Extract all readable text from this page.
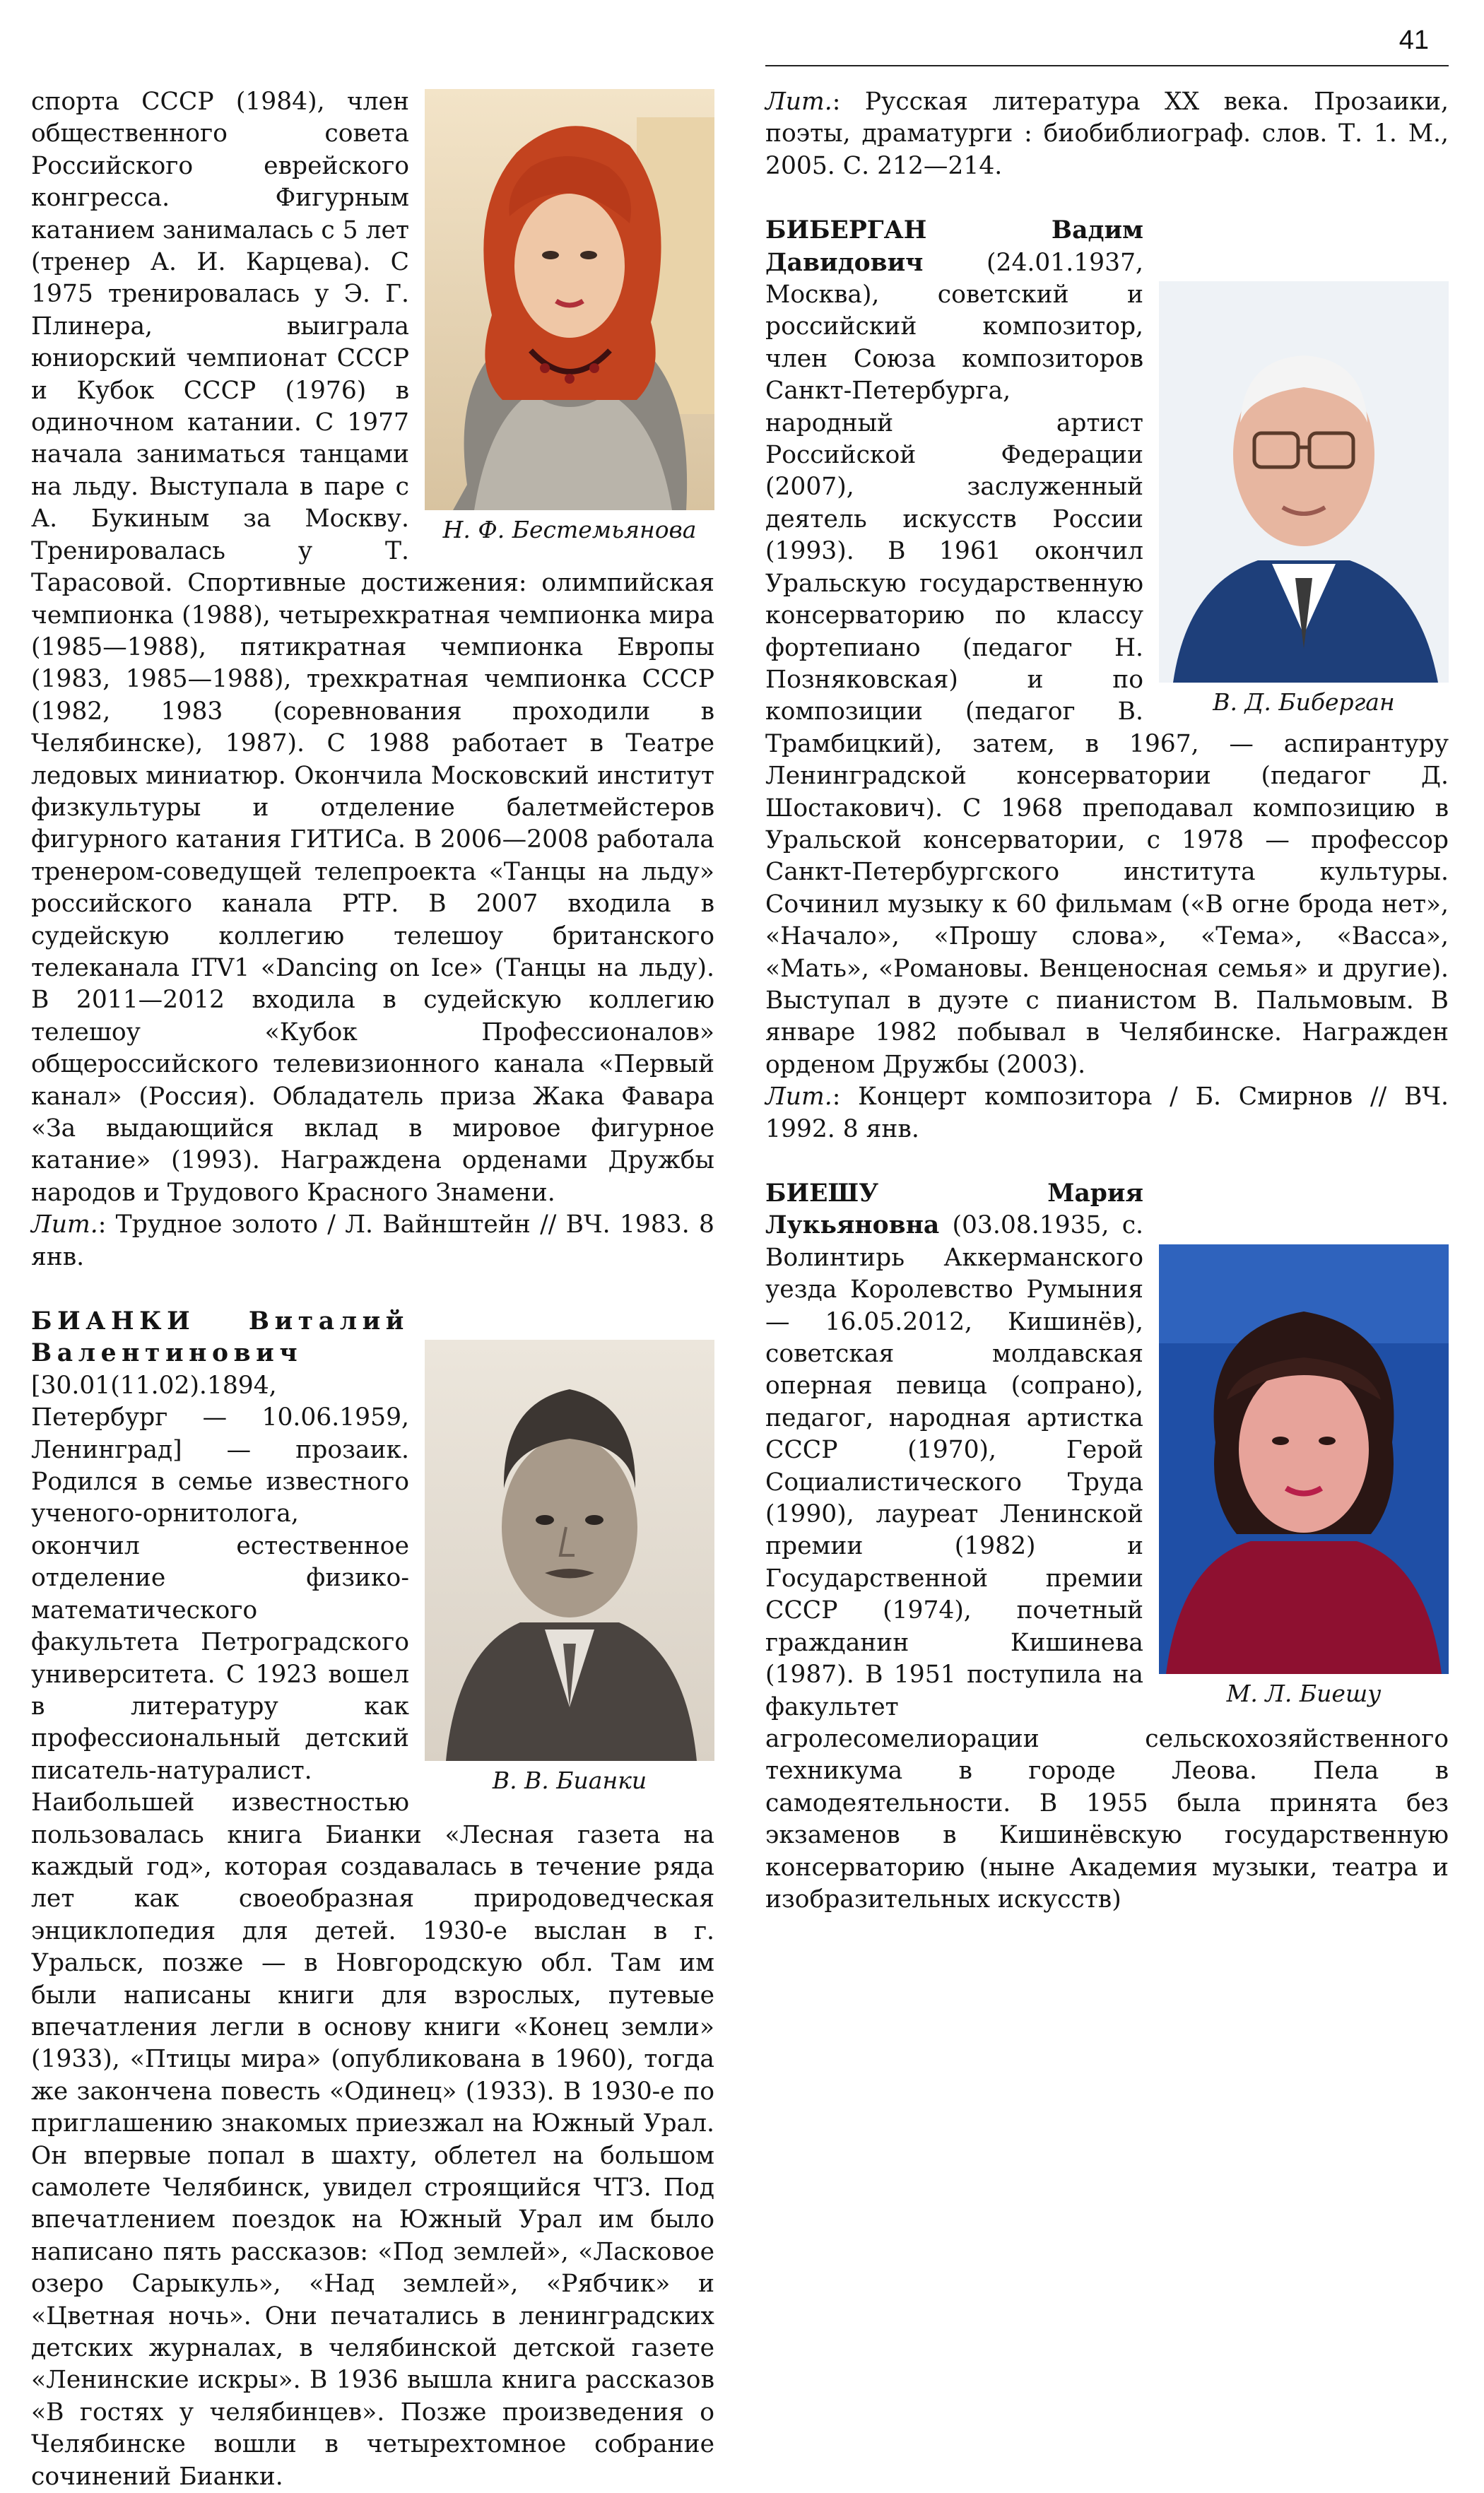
41
Н. Ф. Бестемьянова

спорта СССР (1984), член общественного совета Российского еврейского конгресса. Фигурным катанием занималась с 5 лет (тренер А. И. Карцева). С 1975 тренировалась у Э. Г. Плинера, выиграла юниорский чемпионат СССР и Кубок СССР (1976) в одиночном катании. С 1977 начала заниматься танцами на льду. Выступала в паре с А. Букиным за Москву. Тренировалась у Т. Тарасовой. Спортивные достижения: олимпийская чемпионка (1988), четырехкратная чемпионка мира (1985—1988), пятикратная чемпионка Европы (1983, 1985—1988), трехкратная чемпионка СССР (1982, 1983 (соревнования проходили в Челябинске), 1987). С 1988 работает в Театре ледовых миниатюр. Окончила Московский институт физкультуры и отделение балетмейстеров фигурного катания ГИТИСа. В 2006—2008 работала тренером-соведущей телепроекта «Танцы на льду» российского канала РТР. В 2007 входила в судейскую коллегию телешоу британского телеканала ITV1 «Dancing on Ice» (Танцы на льду). В 2011—2012 входила в судейскую коллегию телешоу «Кубок Профессионалов» общероссийского телевизионного канала «Первый канал» (Россия). Обладатель приза Жака Фавара «За выдающийся вклад в мировое фигурное катание» (1993). Награждена орденами Дружбы народов и Трудового Красного Знамени.

Лит.: Трудное золото / Л. Вайнштейн // ВЧ. 1983. 8 янв.

В. В. Бианки

БИАНКИ Виталий Валентинович [30.01(11.02).1894, Петербург — 10.06.1959, Ленинград] — прозаик. Родился в семье известного ученого-орнитолога, окончил естественное отделение физико-математического факультета Петроградского университета. С 1923 вошел в литературу как профессиональный детский писатель-натуралист. Наибольшей известностью пользовалась книга Бианки «Лесная газета на каждый год», которая создавалась в течение ряда лет как своеобразная природоведческая энциклопедия для детей. 1930-е выслан в г. Уральск, позже — в Новгородскую обл. Там им были написаны книги для взрослых, путевые впечатления легли в основу книги «Конец земли» (1933), «Птицы мира» (опубликована в 1960), тогда же закончена повесть «Одинец» (1933). В 1930-е по приглашению знакомых приезжал на Южный Урал. Он впервые попал в шахту, облетел на большом самолете Челябинск, увидел строящийся ЧТЗ. Под впечатлением поездок на Южный Урал им было написано пять рассказов: «Под землей», «Ласковое озеро Сарыкуль», «Над землей», «Рябчик» и «Цветная ночь». Они печатались в ленинградских детских журналах, в челябинской детской газете «Ленинские искры». В 1936 вышла книга рассказов «В гостях у челябинцев». Позже произведения о Челябинске вошли в четырехтомное собрание сочинений Бианки.

Лит.: Русская литература XX века. Прозаики, поэты, драматурги : биобиблиограф. слов. Т. 1. М., 2005. С. 212—214.

В. Д. Биберган

БИБЕРГАН Вадим Давидович (24.01.1937, Москва), советский и российский композитор, член Союза композиторов Санкт-Петербурга, народный артист Российской Федерации (2007), заслуженный деятель искусств России (1993). В 1961 окончил Уральскую государственную консерваторию по классу фортепиано (педагог Н. Позняковская) и по композиции (педагог В. Трамбицкий), затем, в 1967, — аспирантуру Ленинградской консерватории (педагог Д. Шостакович). С 1968 преподавал композицию в Уральской консерватории, с 1978 — профессор Санкт-Петербургского института культуры. Сочинил музыку к 60 фильмам («В огне брода нет», «Начало», «Прошу слова», «Тема», «Васса», «Мать», «Романовы. Венценосная семья» и другие). Выступал в дуэте с пианистом В. Пальмовым. В январе 1982 побывал в Челябинске. Награжден орденом Дружбы (2003).

Лит.: Концерт композитора / Б. Смирнов // ВЧ. 1992. 8 янв.

М. Л. Биешу

БИЕШУ Мария Лукьяновна (03.08.1935, с. Волинтирь Аккерманского уезда Королевство Румыния — 16.05.2012, Кишинёв), советская молдавская оперная певица (сопрано), педагог, народная артистка СССР (1970), Герой Социалистического Труда (1990), лауреат Ленинской премии (1982) и Государственной премии СССР (1974), почетный гражданин Кишинева (1987). В 1951 поступила на факультет агролесомелиорации сельскохозяйственного техникума в городе Леова. Пела в самодеятельности. В 1955 была принята без экзаменов в Кишинёвскую государственную консерваторию (ныне Академия музыки, театра и изобразительных искусств)
